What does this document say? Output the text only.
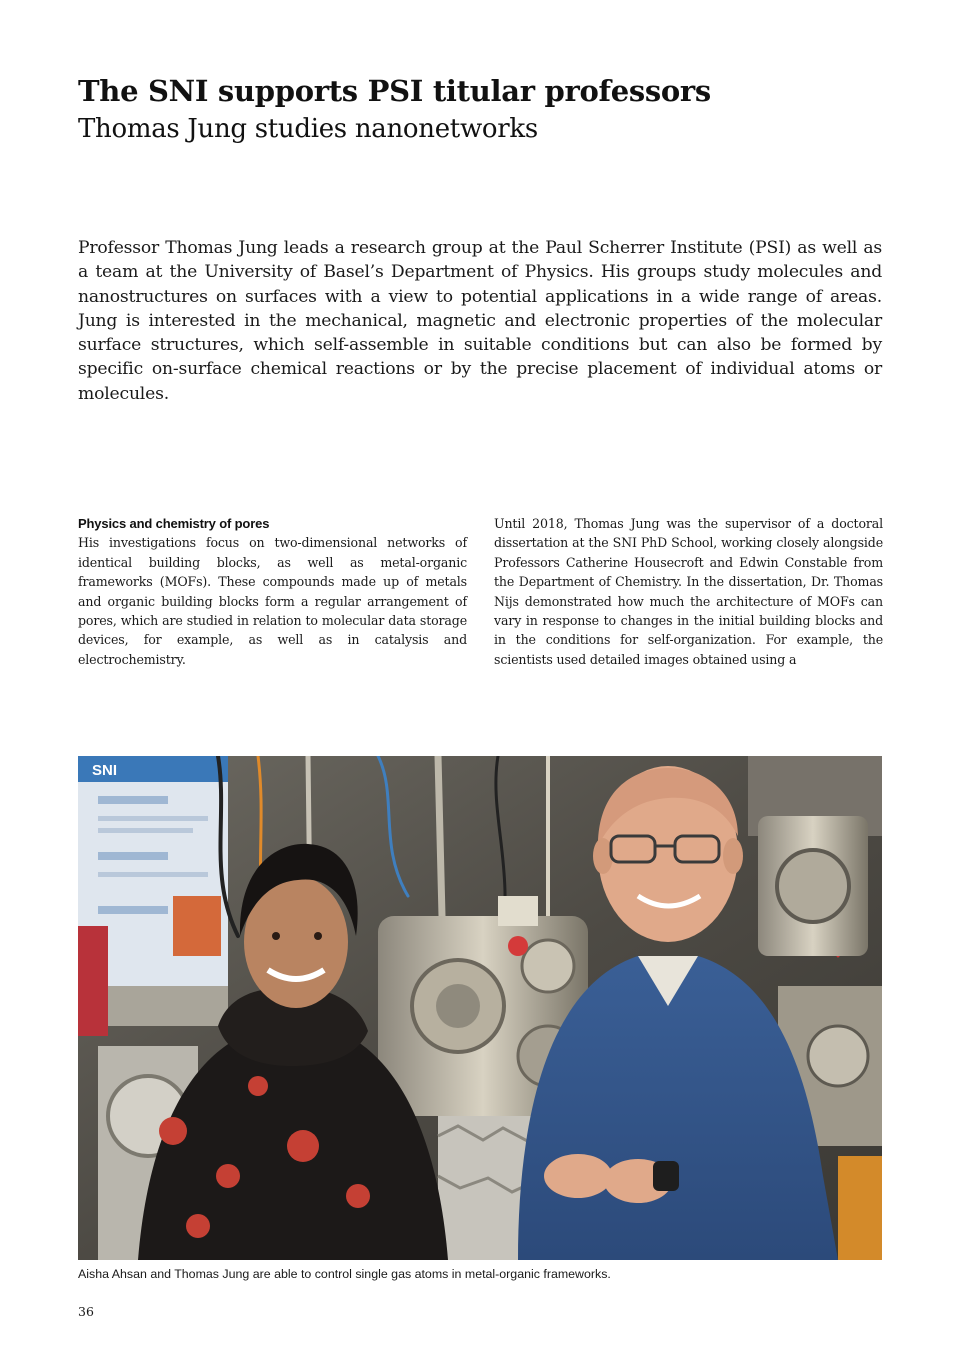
The SNI supports PSI titular professors
Thomas Jung studies nanonetworks

Professor Thomas Jung leads a research group at the Paul Scherrer Institute (PSI) as well as a team at the University of Basel’s Department of Physics. His groups study molecules and nanostructures on surfaces with a view to potential applications in a wide range of areas. Jung is interested in the mechanical, magnetic and electronic properties of the molecular surface structures, which self-assemble in suitable conditions but can also be formed by specific on-surface chemical reactions or by the precise placement of individual atoms or molecules.

Physics and chemistry of pores
His investigations focus on two-dimensional networks of identical building blocks, as well as metal-organic frameworks (MOFs). These compounds made up of metals and organic building blocks form a regular arrangement of pores, which are studied in relation to molecular data storage devices, for example, as well as in catalysis and electrochemistry.
Until 2018, Thomas Jung was the supervisor of a doctoral dissertation at the SNI PhD School, working closely alongside Professors Catherine Housecroft and Edwin Constable from the Department of Chemistry. In the dissertation, Dr. Thomas Nijs demonstrated how much the architecture of MOFs can vary in response to changes in the initial building blocks and in the conditions for self-organization. For example, the scientists used detailed images obtained using a
SNI

Aisha Ahsan and Thomas Jung are able to control single gas atoms in metal-organic frameworks.

36
